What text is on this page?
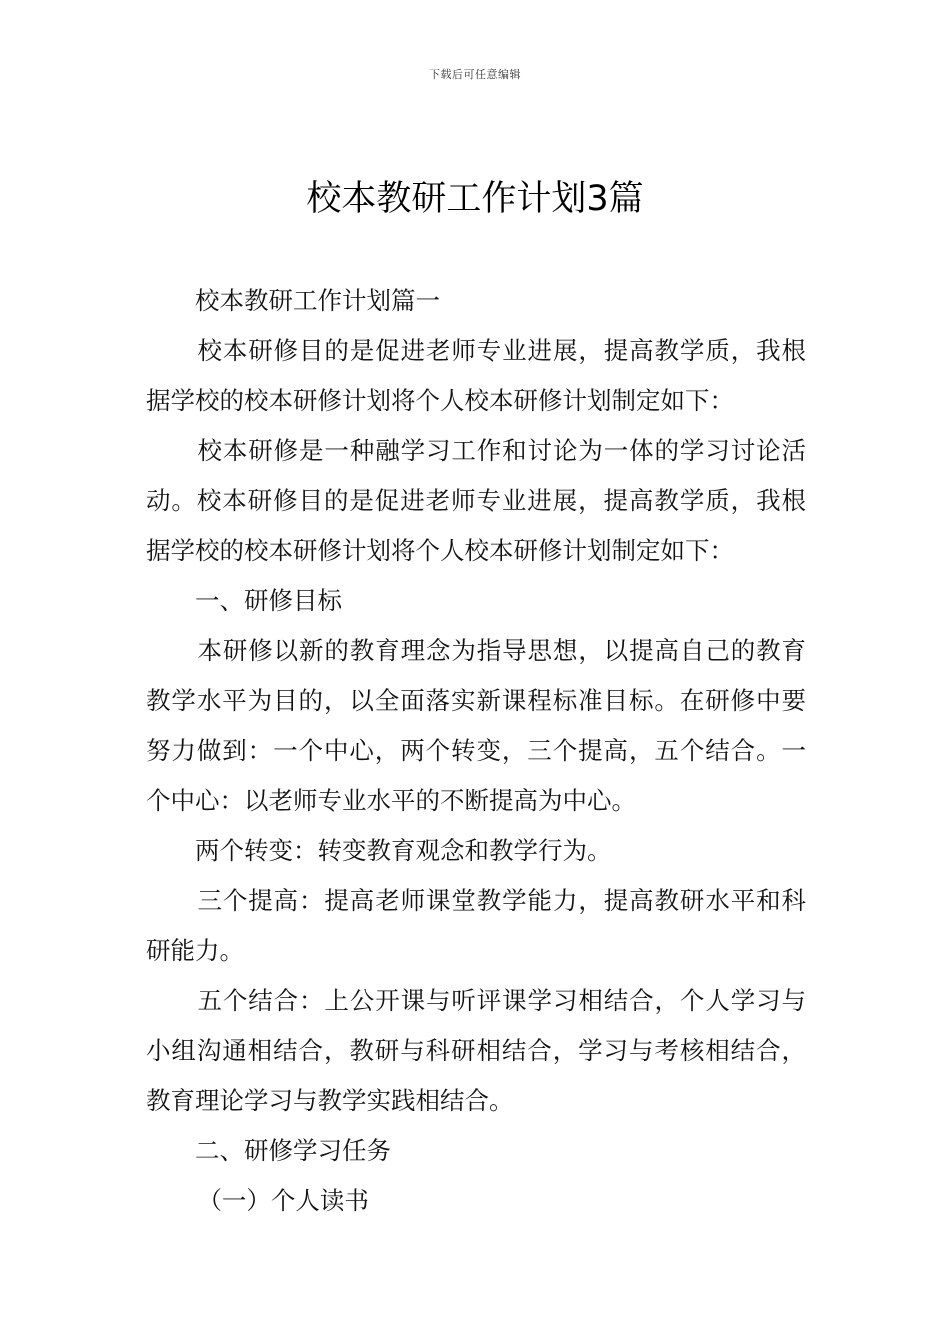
下载后可任意编辑
校本教研工作计划3篇

校本教研工作计划篇一

校本研修目的是促进老师专业进展，提高教学质，我根据学校的校本研修计划将个人校本研修计划制定如下：

校本研修是一种融学习工作和讨论为一体的学习讨论活动。校本研修目的是促进老师专业进展，提高教学质，我根据学校的校本研修计划将个人校本研修计划制定如下：

一、研修目标

本研修以新的教育理念为指导思想，以提高自己的教育教学水平为目的，以全面落实新课程标准目标。在研修中要努力做到：一个中心，两个转变，三个提高，五个结合。一个中心：以老师专业水平的不断提高为中心。

两个转变：转变教育观念和教学行为。

三个提高：提高老师课堂教学能力，提高教研水平和科研能力。

五个结合：上公开课与听评课学习相结合，个人学习与小组沟通相结合，教研与科研相结合，学习与考核相结合，教育理论学习与教学实践相结合。

二、研修学习任务

（一）个人读书
